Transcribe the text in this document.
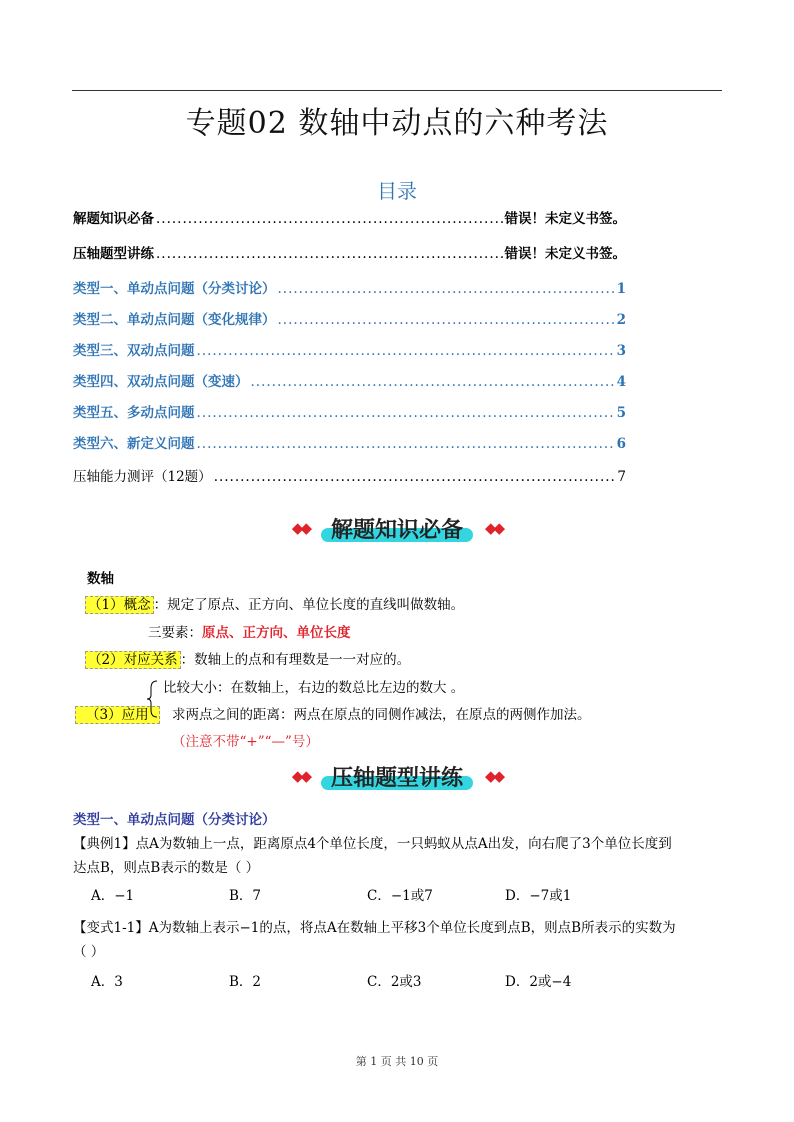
专题02 数轴中动点的六种考法
目录
解题知识必备 .....	错误！未定义书签。
压轴题型讲练 .....	错误！未定义书签。
类型一、单动点问题（分类讨论） .....	1
类型二、单动点问题（变化规律） .....	2
类型三、双动点问题 .....	3
类型四、双动点问题（变速） .....	4
类型五、多动点问题 .....	5
类型六、新定义问题 .....	6
压轴能力测评（12题） .....	7
◆◆	解题知识必备	◆◆
数轴
（1）概念 ：规定了原点、正方向、单位长度的直线叫做数轴。
三要素：原点、正方向、单位长度
（2）对应关系 ：数轴上的点和有理数是一一对应的。
（3）应用
比较大小：在数轴上，右边的数总比左边的数大 。
求两点之间的距离：两点在原点的同侧作减法，在原点的两侧作加法。
（注意不带“+”“—”号）
◆◆	压轴题型讲练	◆◆
类型一、单动点问题（分类讨论）
【典例1】点A为数轴上一点，距离原点4个单位长度，一只蚂蚁从点A出发，向右爬了3个单位长度到
达点B，则点B表示的数是（ ）
A．−1	B．7	C．−1或7	D．−7或1
【变式1-1】A为数轴上表示−1的点，将点A在数轴上平移3个单位长度到点B，则点B所表示的实数为
（ ）
A．3	B．2	C．2或3	D．2或−4
第 1 页 共 10 页
